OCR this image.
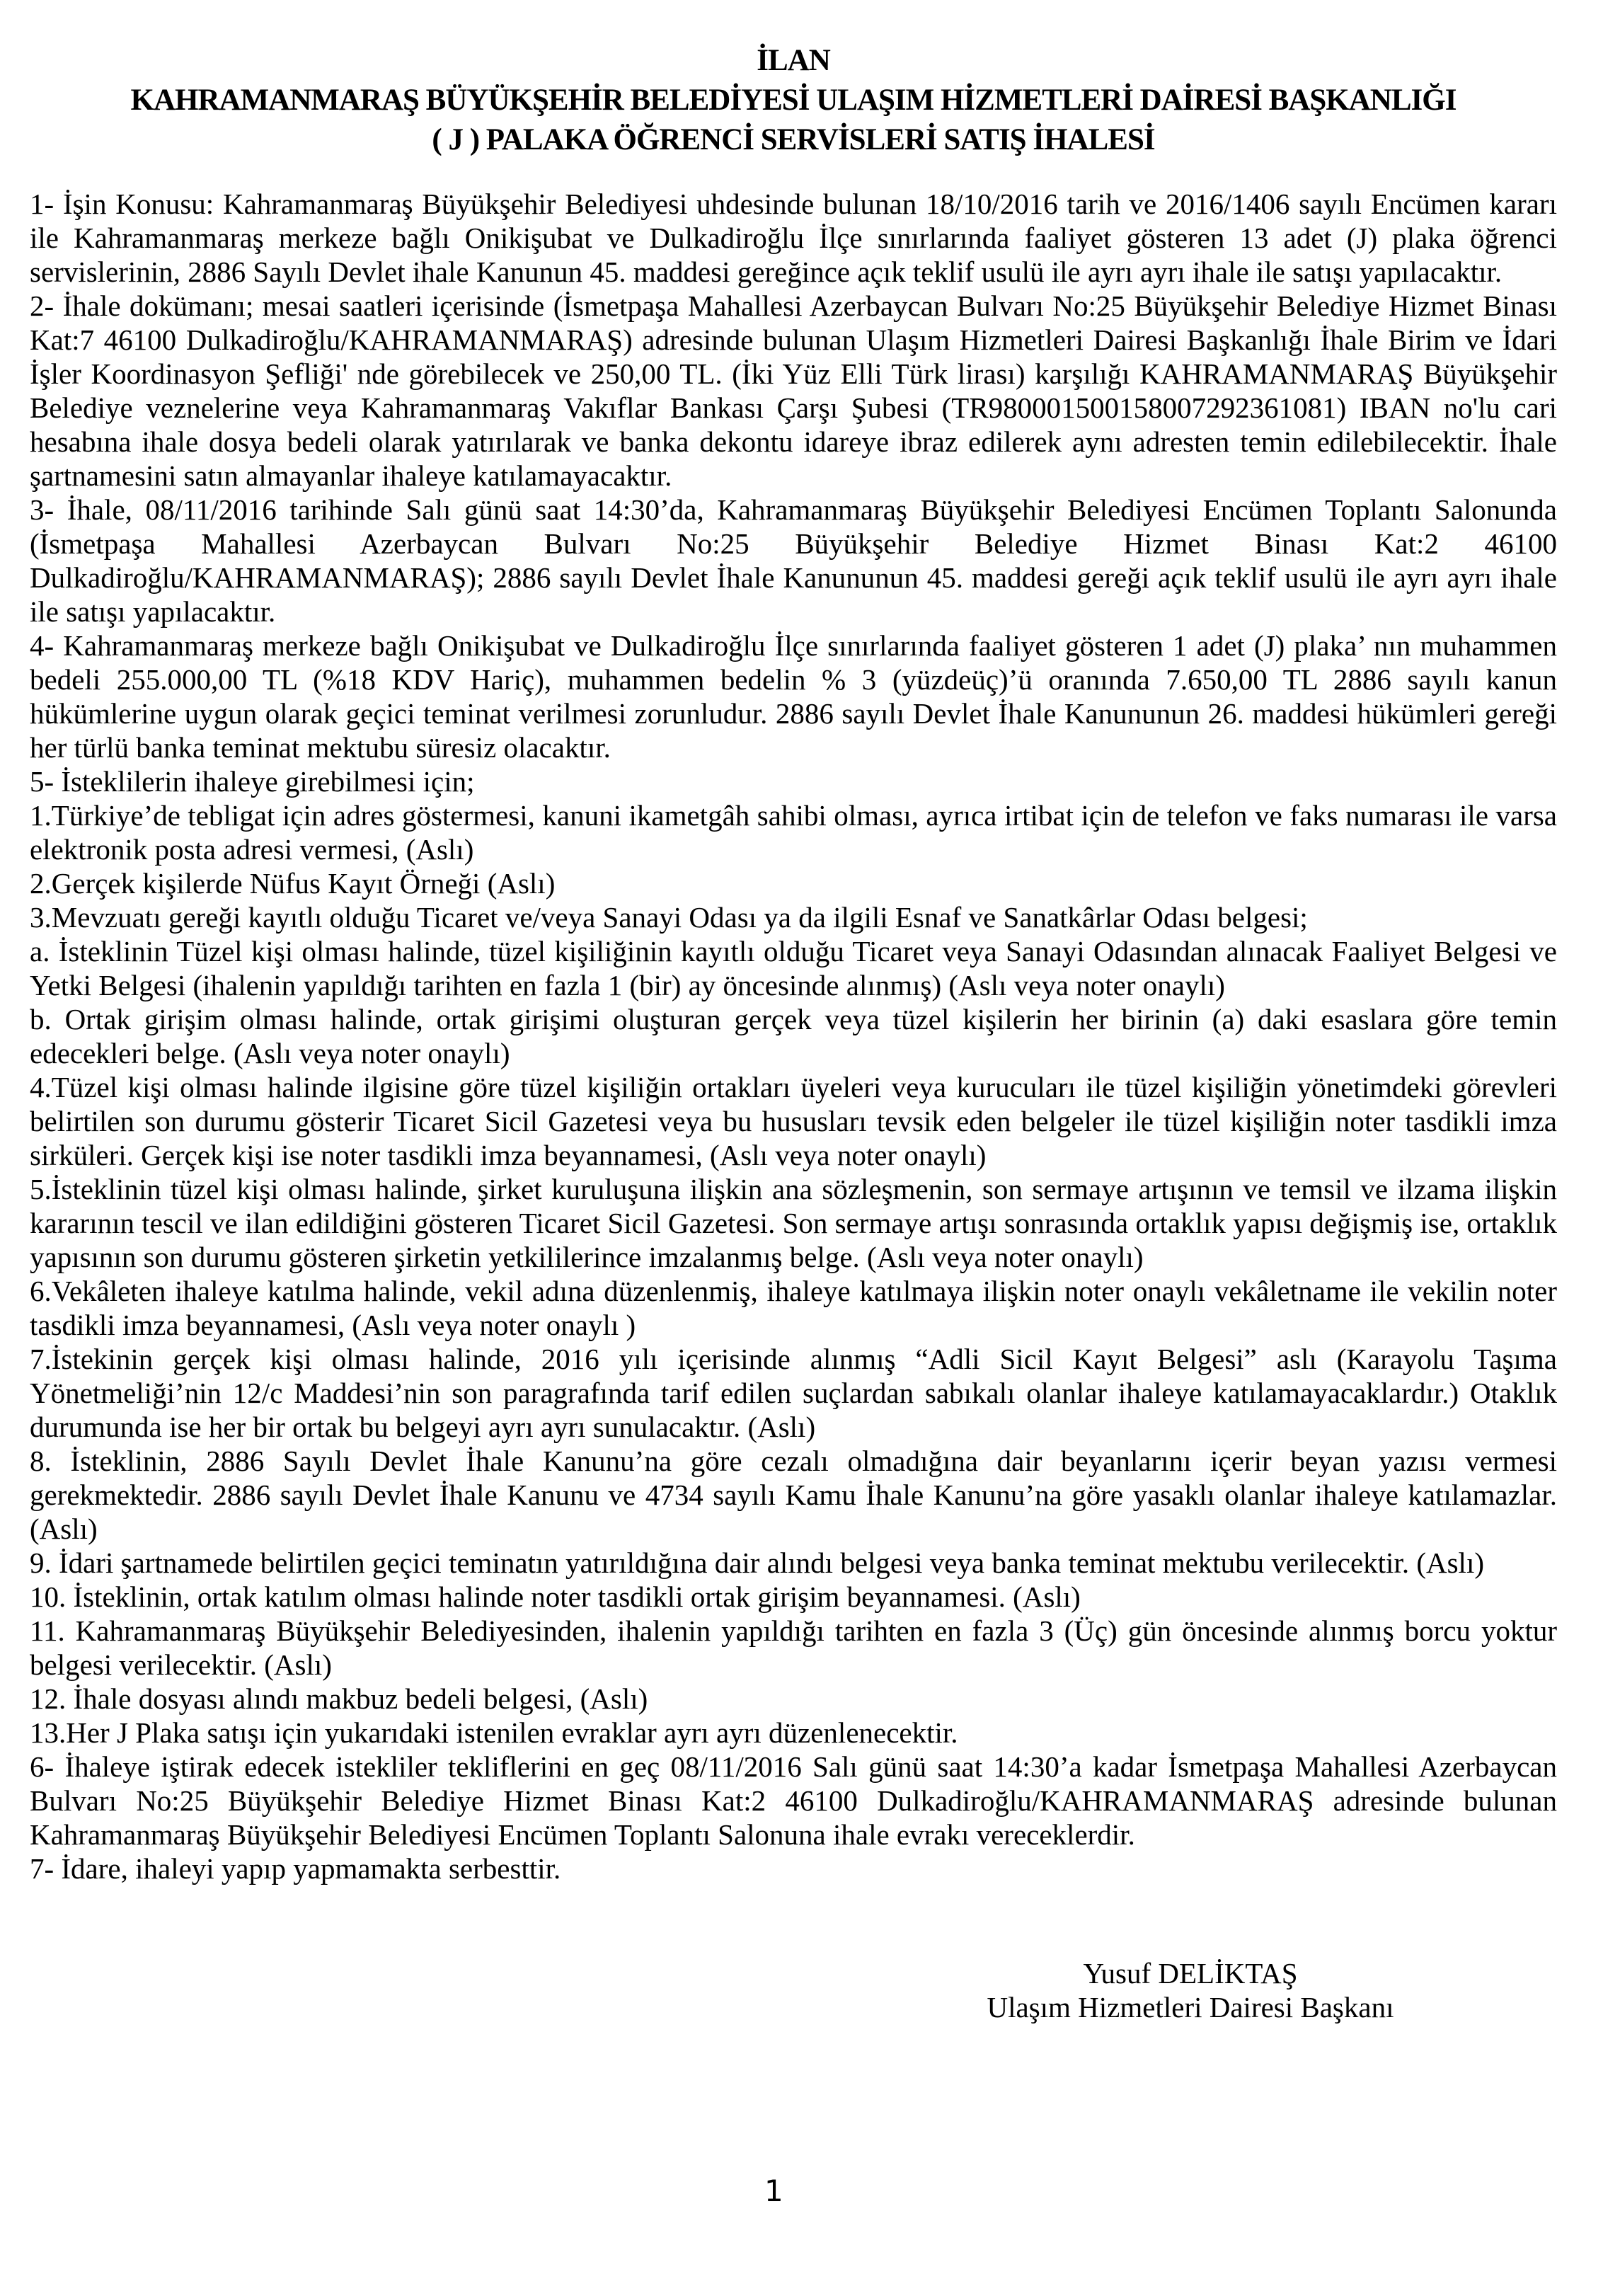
İLAN
KAHRAMANMARAŞ BÜYÜKŞEHİR BELEDİYESİ ULAŞIM HİZMETLERİ DAİRESİ BAŞKANLIĞI
( J ) PALAKA ÖĞRENCİ SERVİSLERİ SATIŞ İHALESİ

1- İşin Konusu: Kahramanmaraş Büyükşehir Belediyesi uhdesinde bulunan 18/10/2016 tarih ve 2016/1406 sayılı Encümen kararı ile Kahramanmaraş merkeze bağlı Onikişubat ve Dulkadiroğlu İlçe sınırlarında faaliyet gösteren 13 adet (J) plaka öğrenci servislerinin, 2886 Sayılı Devlet ihale Kanunun 45. maddesi gereğince açık teklif usulü ile ayrı ayrı ihale ile satışı yapılacaktır.

2- İhale dokümanı; mesai saatleri içerisinde (İsmetpaşa Mahallesi Azerbaycan Bulvarı No:25 Büyükşehir Belediye Hizmet Binası Kat:7 46100 Dulkadiroğlu/KAHRAMANMARAŞ) adresinde bulunan Ulaşım Hizmetleri Dairesi Başkanlığı İhale Birim ve İdari İşler Koordinasyon Şefliği' nde görebilecek ve 250,00 TL. (İki Yüz Elli Türk lirası) karşılığı KAHRAMANMARAŞ Büyükşehir Belediye veznelerine veya Kahramanmaraş Vakıflar Bankası Çarşı Şubesi (TR980001500158007292361081) IBAN no'lu cari hesabına ihale dosya bedeli olarak yatırılarak ve banka dekontu idareye ibraz edilerek aynı adresten temin edilebilecektir. İhale şartnamesini satın almayanlar ihaleye katılamayacaktır.

3- İhale, 08/11/2016 tarihinde Salı günü saat 14:30’da, Kahramanmaraş Büyükşehir Belediyesi Encümen Toplantı Salonunda (İsmetpaşa Mahallesi Azerbaycan Bulvarı No:25 Büyükşehir Belediye Hizmet Binası Kat:2 46100 Dulkadiroğlu/KAHRAMANMARAŞ); 2886 sayılı Devlet İhale Kanununun 45. maddesi gereği açık teklif usulü ile ayrı ayrı ihale ile satışı yapılacaktır.

4- Kahramanmaraş merkeze bağlı Onikişubat ve Dulkadiroğlu İlçe sınırlarında faaliyet gösteren 1 adet (J) plaka’ nın muhammen bedeli 255.000,00 TL (%18 KDV Hariç), muhammen bedelin % 3 (yüzdeüç)’ü oranında 7.650,00 TL 2886 sayılı kanun hükümlerine uygun olarak geçici teminat verilmesi zorunludur. 2886 sayılı Devlet İhale Kanununun 26. maddesi hükümleri gereği her türlü banka teminat mektubu süresiz olacaktır.

5- İsteklilerin ihaleye girebilmesi için;

1.Türkiye’de tebligat için adres göstermesi, kanuni ikametgâh sahibi olması, ayrıca irtibat için de telefon ve faks numarası ile varsa elektronik posta adresi vermesi, (Aslı)

2.Gerçek kişilerde Nüfus Kayıt Örneği (Aslı)

3.Mevzuatı gereği kayıtlı olduğu Ticaret ve/veya Sanayi Odası ya da ilgili Esnaf ve Sanatkârlar Odası belgesi;

a. İsteklinin Tüzel kişi olması halinde, tüzel kişiliğinin kayıtlı olduğu Ticaret veya Sanayi Odasından alınacak Faaliyet Belgesi ve Yetki Belgesi (ihalenin yapıldığı tarihten en fazla 1 (bir) ay öncesinde alınmış) (Aslı veya noter onaylı)

b. Ortak girişim olması halinde, ortak girişimi oluşturan gerçek veya tüzel kişilerin her birinin (a) daki esaslara göre temin edecekleri belge. (Aslı veya noter onaylı)

4.Tüzel kişi olması halinde ilgisine göre tüzel kişiliğin ortakları üyeleri veya kurucuları ile tüzel kişiliğin yönetimdeki görevleri belirtilen son durumu gösterir Ticaret Sicil Gazetesi veya bu hususları tevsik eden belgeler ile tüzel kişiliğin noter tasdikli imza sirküleri. Gerçek kişi ise noter tasdikli imza beyannamesi, (Aslı veya noter onaylı)

5.İsteklinin tüzel kişi olması halinde, şirket kuruluşuna ilişkin ana sözleşmenin, son sermaye artışının ve temsil ve ilzama ilişkin kararının tescil ve ilan edildiğini gösteren Ticaret Sicil Gazetesi. Son sermaye artışı sonrasında ortaklık yapısı değişmiş ise, ortaklık yapısının son durumu gösteren şirketin yetkililerince imzalanmış belge. (Aslı veya noter onaylı)

6.Vekâleten ihaleye katılma halinde, vekil adına düzenlenmiş, ihaleye katılmaya ilişkin noter onaylı vekâletname ile vekilin noter tasdikli imza beyannamesi, (Aslı veya noter onaylı )

7.İstekinin gerçek kişi olması halinde, 2016 yılı içerisinde alınmış “Adli Sicil Kayıt Belgesi” aslı (Karayolu Taşıma Yönetmeliği’nin 12/c Maddesi’nin son paragrafında tarif edilen suçlardan sabıkalı olanlar ihaleye katılamayacaklardır.) Otaklık durumunda ise her bir ortak bu belgeyi ayrı ayrı sunulacaktır. (Aslı)

8. İsteklinin, 2886 Sayılı Devlet İhale Kanunu’na göre cezalı olmadığına dair beyanlarını içerir beyan yazısı vermesi gerekmektedir. 2886 sayılı Devlet İhale Kanunu ve 4734 sayılı Kamu İhale Kanunu’na göre yasaklı olanlar ihaleye katılamazlar. (Aslı)

9. İdari şartnamede belirtilen geçici teminatın yatırıldığına dair alındı belgesi veya banka teminat mektubu verilecektir. (Aslı)

10. İsteklinin, ortak katılım olması halinde noter tasdikli ortak girişim beyannamesi. (Aslı)

11. Kahramanmaraş Büyükşehir Belediyesinden, ihalenin yapıldığı tarihten en fazla 3 (Üç) gün öncesinde alınmış borcu yoktur belgesi verilecektir. (Aslı)

12. İhale dosyası alındı makbuz bedeli belgesi, (Aslı)

13.Her J Plaka satışı için yukarıdaki istenilen evraklar ayrı ayrı düzenlenecektir.

6- İhaleye iştirak edecek istekliler tekliflerini en geç 08/11/2016 Salı günü saat 14:30’a kadar İsmetpaşa Mahallesi Azerbaycan Bulvarı No:25 Büyükşehir Belediye Hizmet Binası Kat:2 46100 Dulkadiroğlu/KAHRAMANMARAŞ adresinde bulunan Kahramanmaraş Büyükşehir Belediyesi Encümen Toplantı Salonuna ihale evrakı vereceklerdir.

7- İdare, ihaleyi yapıp yapmamakta serbesttir.

Yusuf DELİKTAŞ
Ulaşım Hizmetleri Dairesi Başkanı
1
